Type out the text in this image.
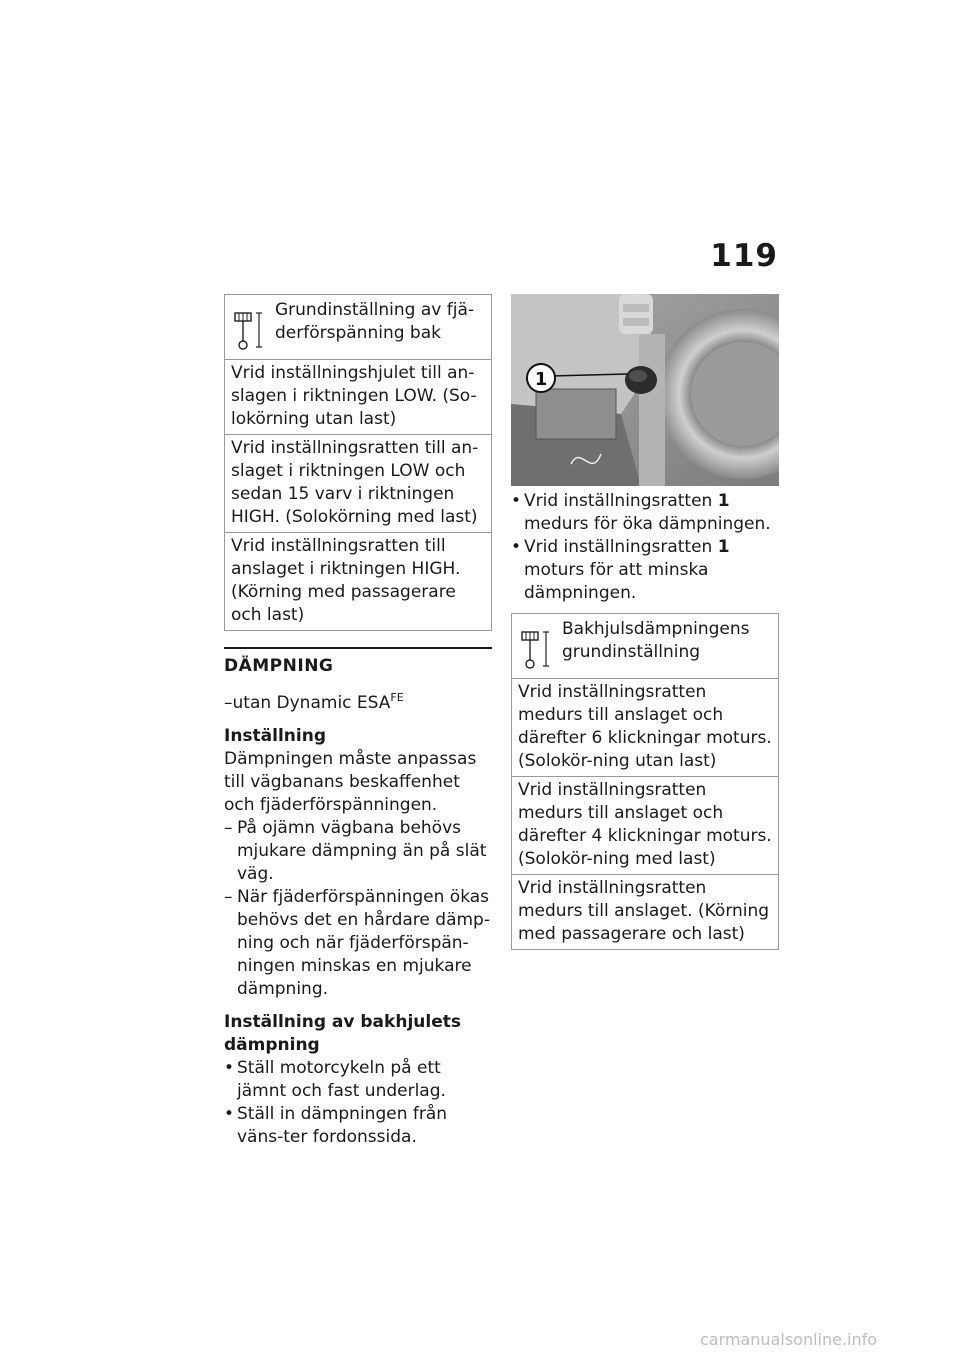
119
Grundinställning av fjä-derförspänning bak
Vrid inställningshjulet till an-slagen i riktningen LOW. (So-lokörning utan last)
Vrid inställningsratten till an-slaget i riktningen LOW och sedan 15 varv i riktningen HIGH. (Solokörning med last)
Vrid inställningsratten till anslaget i riktningen HIGH. (Körning med passagerare och last)
DÄMPNING
–utan Dynamic $ESA^{FE}$
Inställning
Dämpningen måste anpassas till vägbanans beskaffenhet och fjäderförspänningen.
– På ojämn vägbana behövs mjukare dämpning än på slät väg.
– När fjäderförspänningen ökas behövs det en hårdare dämp-ning och när fjäderförspän-ningen minskas en mjukare dämpning.
Inställning av bakhjulets dämpning
• Ställ motorcykeln på ett jämnt och fast underlag.
• Ställ in dämpningen från väns-ter fordonssida.
1
• Vrid inställningsratten 1 medurs för öka dämpningen.
• Vrid inställningsratten 1 moturs för att minska dämpningen.
Bakhjulsdämpningens grundinställning
Vrid inställningsratten medurs till anslaget och därefter 6 klickningar moturs. (Solokör-ning utan last)
Vrid inställningsratten medurs till anslaget och därefter 4 klickningar moturs. (Solokör-ning med last)
Vrid inställningsratten medurs till anslaget. (Körning med passagerare och last)
carmanualsonline.info
